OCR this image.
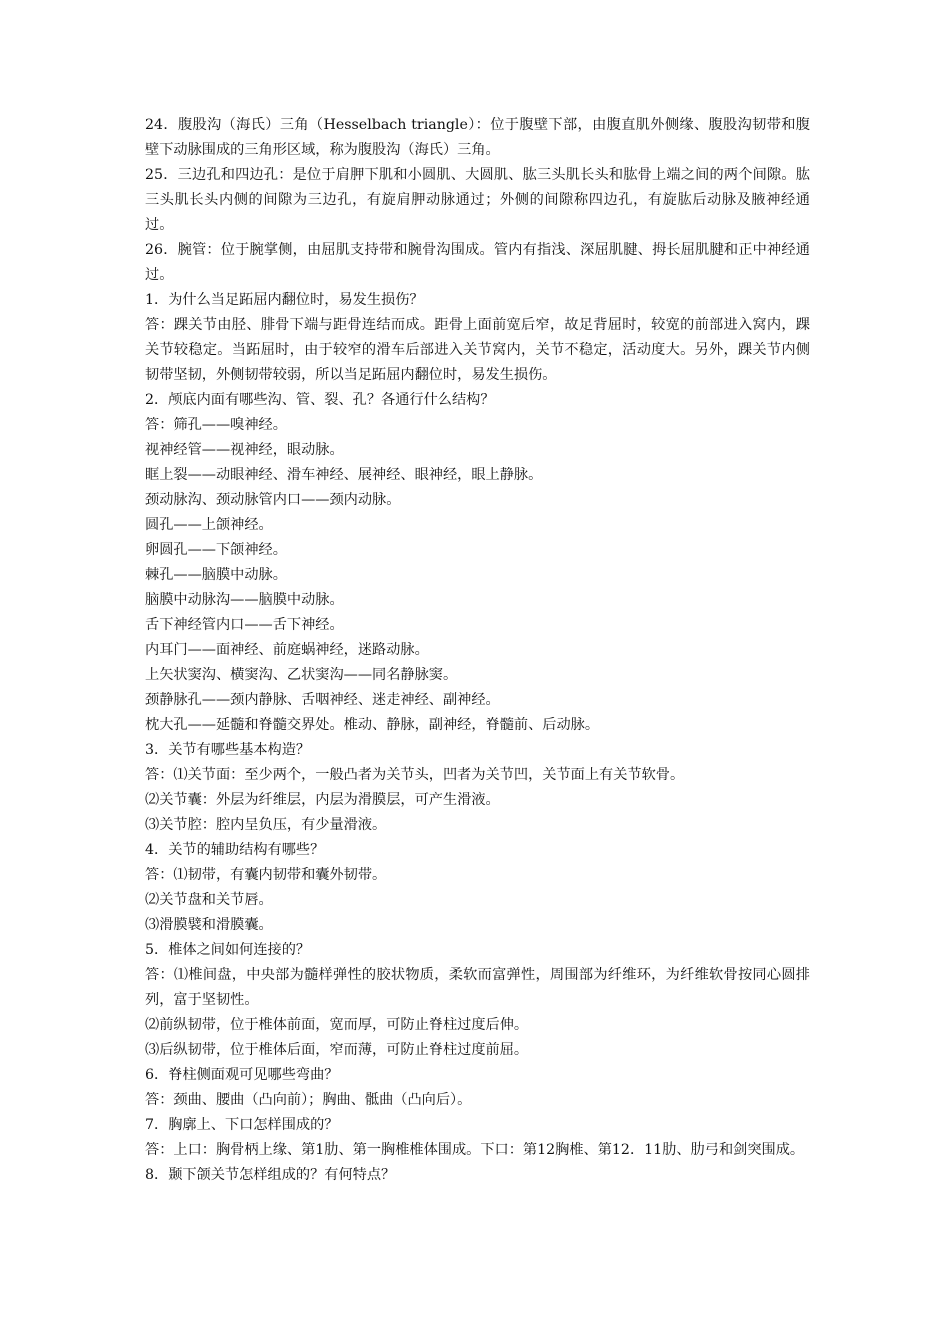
24．腹股沟（海氏）三角（Hesselbach triangle）：位于腹壁下部，由腹直肌外侧缘、腹股沟韧带和腹壁下动脉围成的三角形区域，称为腹股沟（海氏）三角。

25．三边孔和四边孔：是位于肩胛下肌和小圆肌、大圆肌、肱三头肌长头和肱骨上端之间的两个间隙。肱三头肌长头内侧的间隙为三边孔，有旋肩胛动脉通过；外侧的间隙称四边孔，有旋肱后动脉及腋神经通过。

26．腕管：位于腕掌侧，由屈肌支持带和腕骨沟围成。管内有指浅、深屈肌腱、拇长屈肌腱和正中神经通过。

1．为什么当足跖屈内翻位时，易发生损伤？

答：踝关节由胫、腓骨下端与距骨连结而成。距骨上面前宽后窄，故足背屈时，较宽的前部进入窝内，踝关节较稳定。当跖屈时，由于较窄的滑车后部进入关节窝内，关节不稳定，活动度大。另外，踝关节内侧韧带坚韧，外侧韧带较弱，所以当足跖屈内翻位时，易发生损伤。

2．颅底内面有哪些沟、管、裂、孔？各通行什么结构？

答：筛孔——嗅神经。

视神经管——视神经，眼动脉。

眶上裂——动眼神经、滑车神经、展神经、眼神经，眼上静脉。

颈动脉沟、颈动脉管内口——颈内动脉。

圆孔——上颌神经。

卵圆孔——下颌神经。

棘孔——脑膜中动脉。

脑膜中动脉沟——脑膜中动脉。

舌下神经管内口——舌下神经。

内耳门——面神经、前庭蜗神经，迷路动脉。

上矢状窦沟、横窦沟、乙状窦沟——同名静脉窦。

颈静脉孔——颈内静脉、舌咽神经、迷走神经、副神经。

枕大孔——延髓和脊髓交界处。椎动、静脉，副神经，脊髓前、后动脉。

3．关节有哪些基本构造？

答：⑴关节面：至少两个，一般凸者为关节头，凹者为关节凹，关节面上有关节软骨。

⑵关节囊：外层为纤维层，内层为滑膜层，可产生滑液。

⑶关节腔：腔内呈负压，有少量滑液。

4．关节的辅助结构有哪些？

答：⑴韧带，有囊内韧带和囊外韧带。

⑵关节盘和关节唇。

⑶滑膜襞和滑膜囊。

5．椎体之间如何连接的？

答：⑴椎间盘，中央部为髓样弹性的胶状物质，柔软而富弹性，周围部为纤维环，为纤维软骨按同心圆排列，富于坚韧性。

⑵前纵韧带，位于椎体前面，宽而厚，可防止脊柱过度后伸。

⑶后纵韧带，位于椎体后面，窄而薄，可防止脊柱过度前屈。

6．脊柱侧面观可见哪些弯曲？

答：颈曲、腰曲（凸向前）；胸曲、骶曲（凸向后）。

7．胸廓上、下口怎样围成的？

答：上口：胸骨柄上缘、第1肋、第一胸椎椎体围成。下口：第12胸椎、第12．11肋、肋弓和剑突围成。

8．颞下颌关节怎样组成的？有何特点？
